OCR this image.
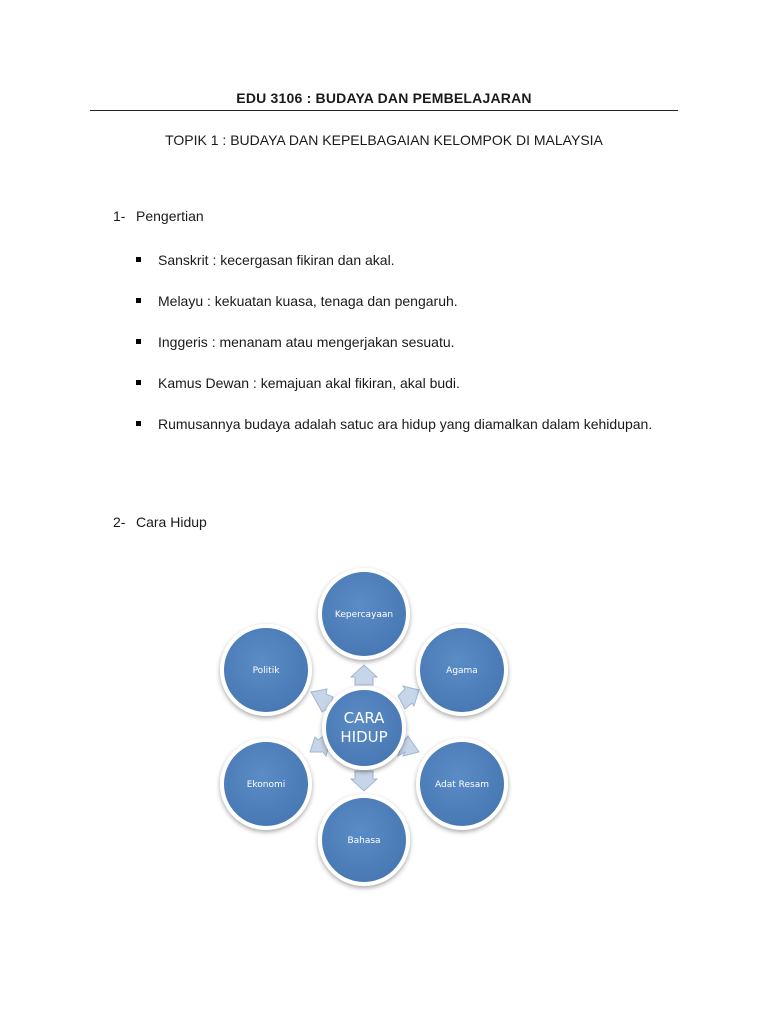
EDU 3106 : BUDAYA DAN PEMBELAJARAN
TOPIK 1 : BUDAYA DAN KEPELBAGAIAN KELOMPOK DI MALAYSIA
1- Pengertian
Sanskrit : kecergasan fikiran dan akal.
Melayu : kekuatan kuasa, tenaga dan pengaruh.
Inggeris : menanam atau mengerjakan sesuatu.
Kamus Dewan : kemajuan akal fikiran, akal budi.
Rumusannya budaya adalah satuc ara hidup yang diamalkan dalam kehidupan.
2- Cara Hidup
Kepercayaan
Agama
Adat Resam
Bahasa
Ekonomi
Politik
CARA
HIDUP
